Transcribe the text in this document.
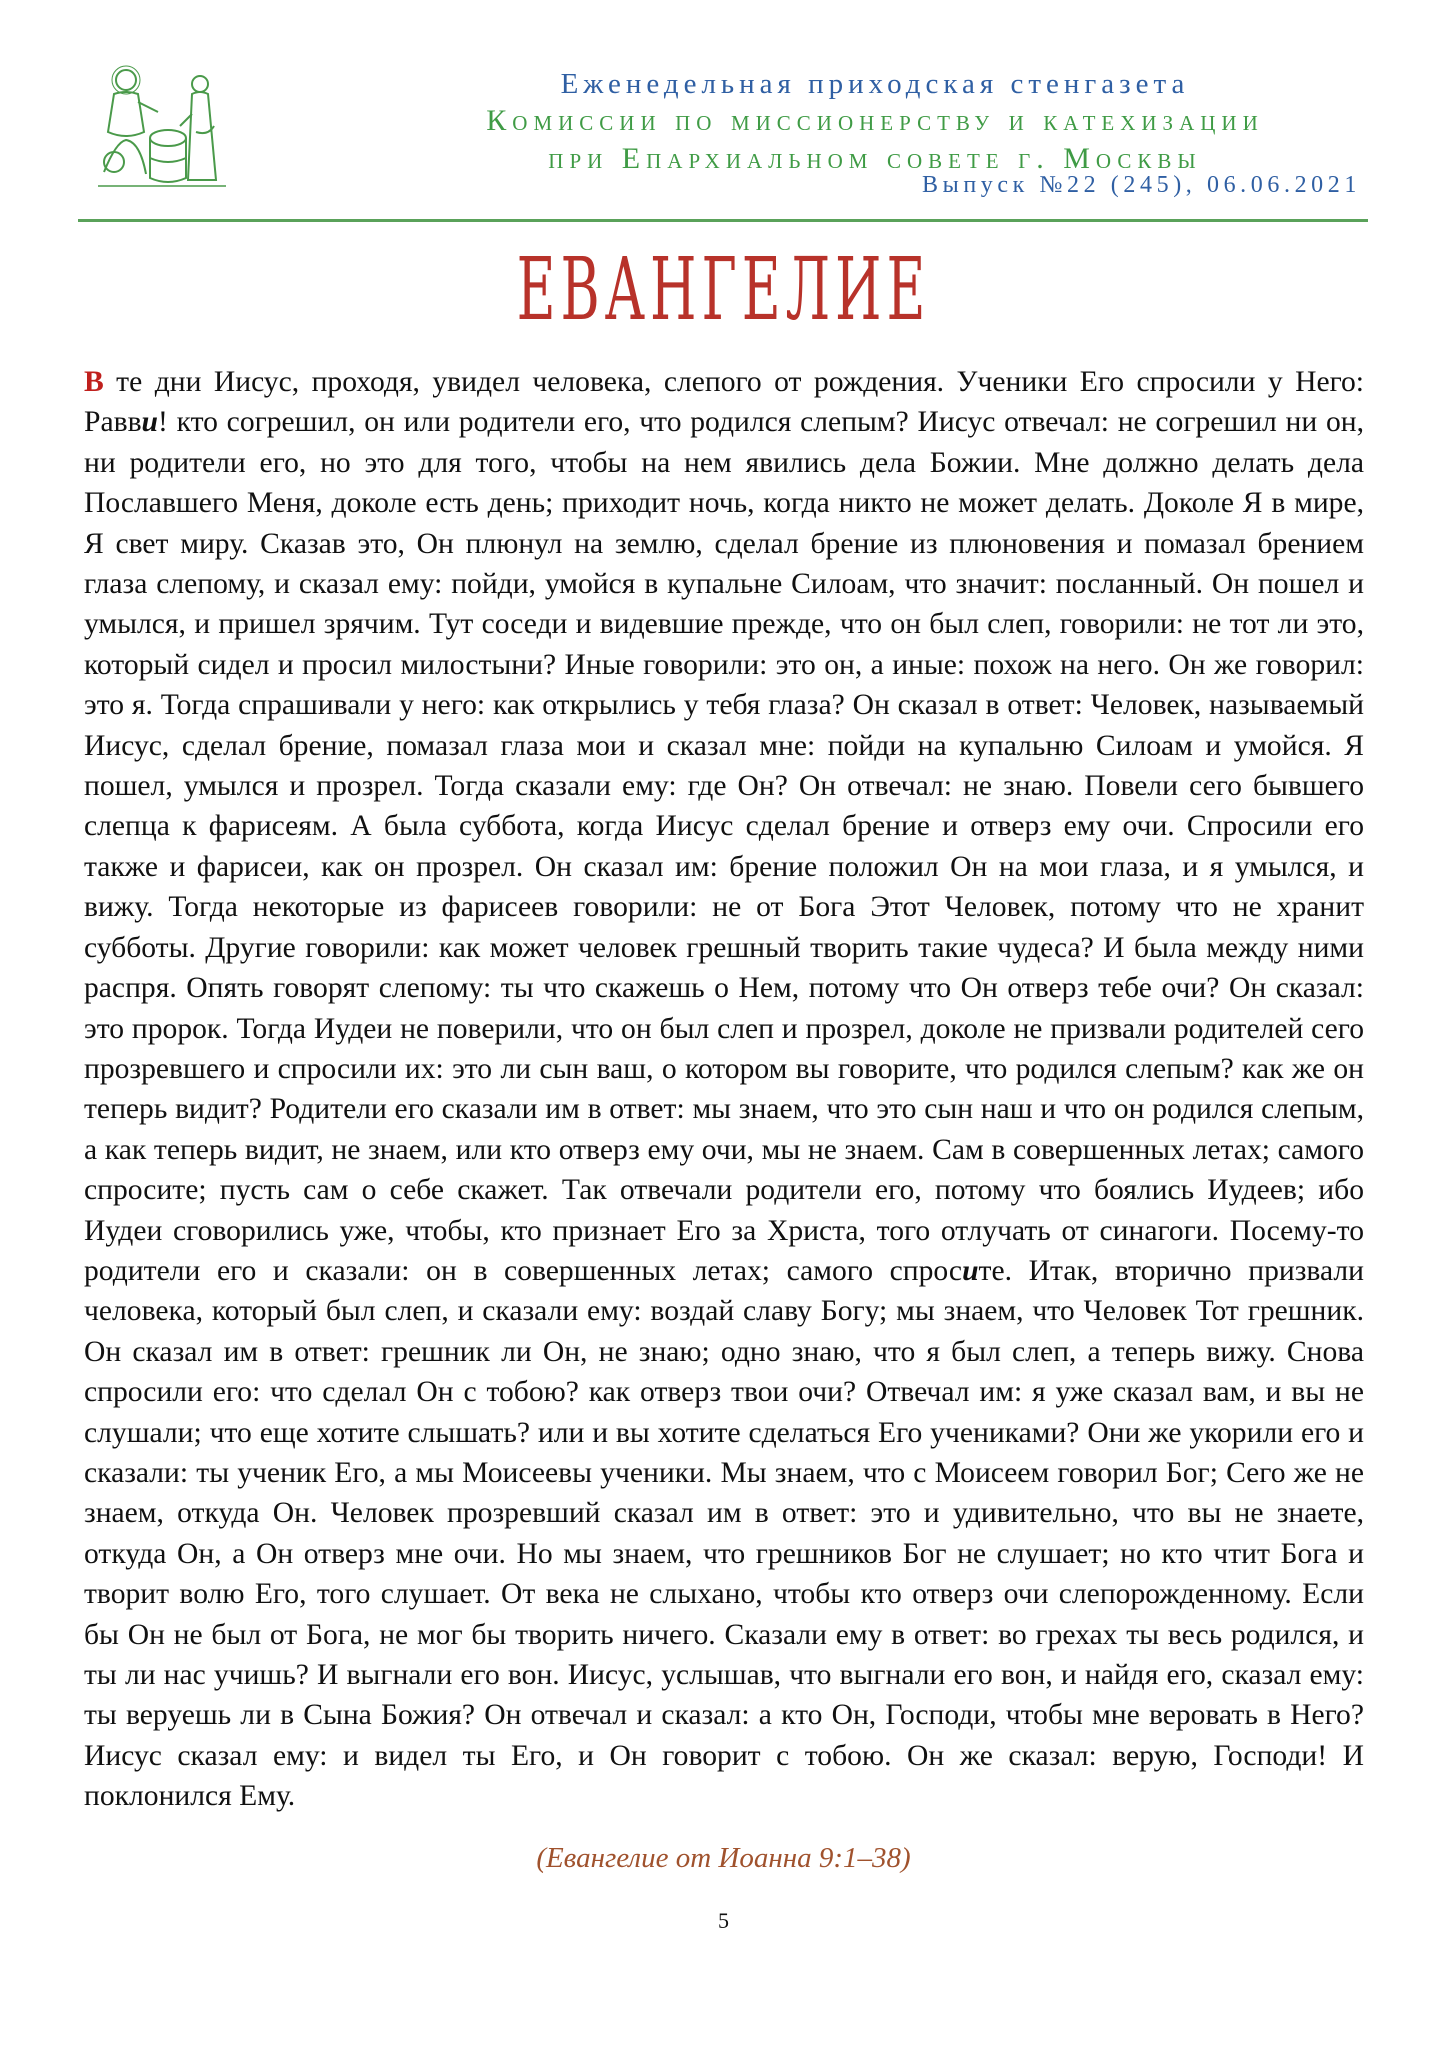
Еженедельная приходская стенгазета
Комиссии по миссионерству и катехизации
при Епархиальном совете г. Москвы
Выпуск №22 (245), 06.06.2021
ЕВАНГЕЛИЕ
В те дни Иисус, проходя, увидел человека, слепого от рождения. Ученики Его спросили у Него: Равви! кто согрешил, он или родители его, что родился слепым? Иисус отвечал: не согрешил ни он, ни родители его, но это для того, чтобы на нем явились дела Божии. Мне должно делать дела Пославшего Меня, доколе есть день; приходит ночь, когда никто не может делать. Доколе Я в мире, Я свет миру. Сказав это, Он плюнул на землю, сделал брение из плюновения и помазал брением глаза слепому, и сказал ему: пойди, умойся в купальне Силоам, что значит: посланный. Он пошел и умылся, и пришел зрячим. Тут соседи и видевшие прежде, что он был слеп, говорили: не тот ли это, который сидел и просил милостыни? Иные говорили: это он, а иные: похож на него. Он же говорил: это я. Тогда спрашивали у него: как открылись у тебя глаза? Он сказал в ответ: Человек, называемый Иисус, сделал брение, помазал глаза мои и сказал мне: пойди на купальню Силоам и умойся. Я пошел, умылся и прозрел. Тогда сказали ему: где Он? Он отвечал: не знаю. Повели сего бывшего слепца к фарисеям. А была суббота, когда Иисус сделал брение и отверз ему очи. Спросили его также и фарисеи, как он прозрел. Он сказал им: брение положил Он на мои глаза, и я умылся, и вижу. Тогда некоторые из фарисеев говорили: не от Бога Этот Человек, потому что не хранит субботы. Другие говорили: как может человек грешный творить такие чудеса? И была между ними распря. Опять говорят слепому: ты что скажешь о Нем, потому что Он отверз тебе очи? Он сказал: это пророк. Тогда Иудеи не поверили, что он был слеп и прозрел, доколе не призвали родителей сего прозревшего и спросили их: это ли сын ваш, о котором вы говорите, что родился слепым? как же он теперь видит? Родители его сказали им в ответ: мы знаем, что это сын наш и что он родился слепым, а как теперь видит, не знаем, или кто отверз ему очи, мы не знаем. Сам в совершенных летах; самого спросите; пусть сам о себе скажет. Так отвечали родители его, потому что боялись Иудеев; ибо Иудеи сговорились уже, чтобы, кто признает Его за Христа, того отлучать от синагоги. Посему-то родители его и сказали: он в совершенных летах; самого спросите. Итак, вторично призвали человека, который был слеп, и сказали ему: воздай славу Богу; мы знаем, что Человек Тот грешник. Он сказал им в ответ: грешник ли Он, не знаю; одно знаю, что я был слеп, а теперь вижу. Снова спросили его: что сделал Он с тобою? как отверз твои очи? Отвечал им: я уже сказал вам, и вы не слушали; что еще хотите слышать? или и вы хотите сделаться Его учениками? Они же укорили его и сказали: ты ученик Его, а мы Моисеевы ученики. Мы знаем, что с Моисеем говорил Бог; Сего же не знаем, откуда Он. Человек прозревший сказал им в ответ: это и удивительно, что вы не знаете, откуда Он, а Он отверз мне очи. Но мы знаем, что грешников Бог не слушает; но кто чтит Бога и творит волю Его, того слушает. От века не слыхано, чтобы кто отверз очи слепорожденному. Если бы Он не был от Бога, не мог бы творить ничего. Сказали ему в ответ: во грехах ты весь родился, и ты ли нас учишь? И выгнали его вон. Иисус, услышав, что выгнали его вон, и найдя его, сказал ему: ты веруешь ли в Сына Божия? Он отвечал и сказал: а кто Он, Господи, чтобы мне веровать в Него? Иисус сказал ему: и видел ты Его, и Он говорит с тобою. Он же сказал: верую, Господи! И поклонился Ему.
(Евангелие от Иоанна 9:1–38)
5
